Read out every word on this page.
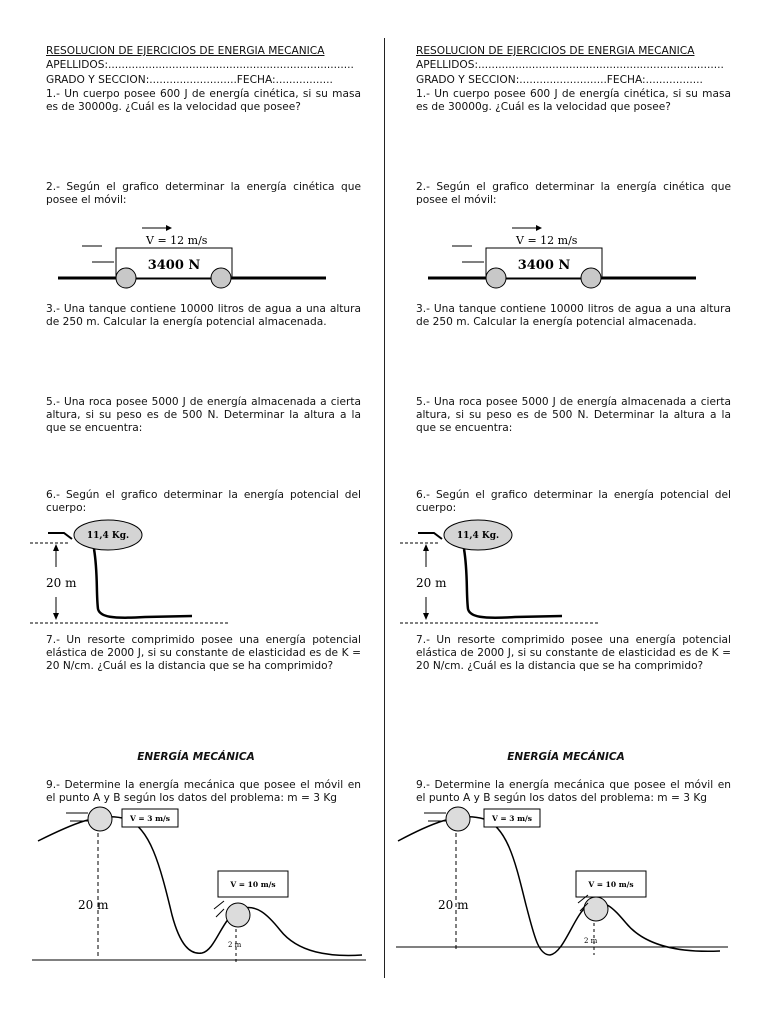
RESOLUCION DE EJERCICIOS DE ENERGIA MECANICA
APELLIDOS:.........................................................................
GRADO Y SECCION:..........................FECHA:.................
1.- Un cuerpo posee 600 J de energía cinética, si su masa es de 30000g. ¿Cuál es la velocidad que posee?
2.- Según el grafico determinar la energía cinética que posee el móvil:
V = 12 m/s
3400 N
3.- Una tanque contiene 10000 litros de agua a una altura de 250 m. Calcular la energía potencial almacenada.
5.- Una roca posee 5000 J de energía almacenada a cierta altura, si su peso es de 500 N. Determinar la altura a la que se encuentra:
6.- Según el grafico determinar la energía potencial del cuerpo:
11,4 Kg.
20 m
7.- Un resorte comprimido posee una energía potencial elástica de 2000 J, si su constante de elasticidad es de K = 20 N/cm. ¿Cuál es la distancia que se ha comprimido?
ENERGÍA MECÁNICA
9.- Determine la energía mecánica que posee el móvil en el punto A y B según los datos del problema: m = 3 Kg
V = 3 m/s
20 m
V = 10 m/s
2 m
RESOLUCION DE EJERCICIOS DE ENERGIA MECANICA
APELLIDOS:.........................................................................
GRADO Y SECCION:..........................FECHA:.................
1.- Un cuerpo posee 600 J de energía cinética, si su masa es de 30000g. ¿Cuál es la velocidad que posee?
2.- Según el grafico determinar la energía cinética que posee el móvil:
V = 12 m/s
3400 N
3.- Una tanque contiene 10000 litros de agua a una altura de 250 m. Calcular la energía potencial almacenada.
5.- Una roca posee 5000 J de energía almacenada a cierta altura, si su peso es de 500 N. Determinar la altura a la que se encuentra:
6.- Según el grafico determinar la energía potencial del cuerpo:
11,4 Kg.
20 m
7.- Un resorte comprimido posee una energía potencial elástica de 2000 J, si su constante de elasticidad es de K = 20 N/cm. ¿Cuál es la distancia que se ha comprimido?
ENERGÍA MECÁNICA
9.- Determine la energía mecánica que posee el móvil en el punto A y B según los datos del problema: m = 3 Kg
V = 3 m/s
20 m
V = 10 m/s
2 m
